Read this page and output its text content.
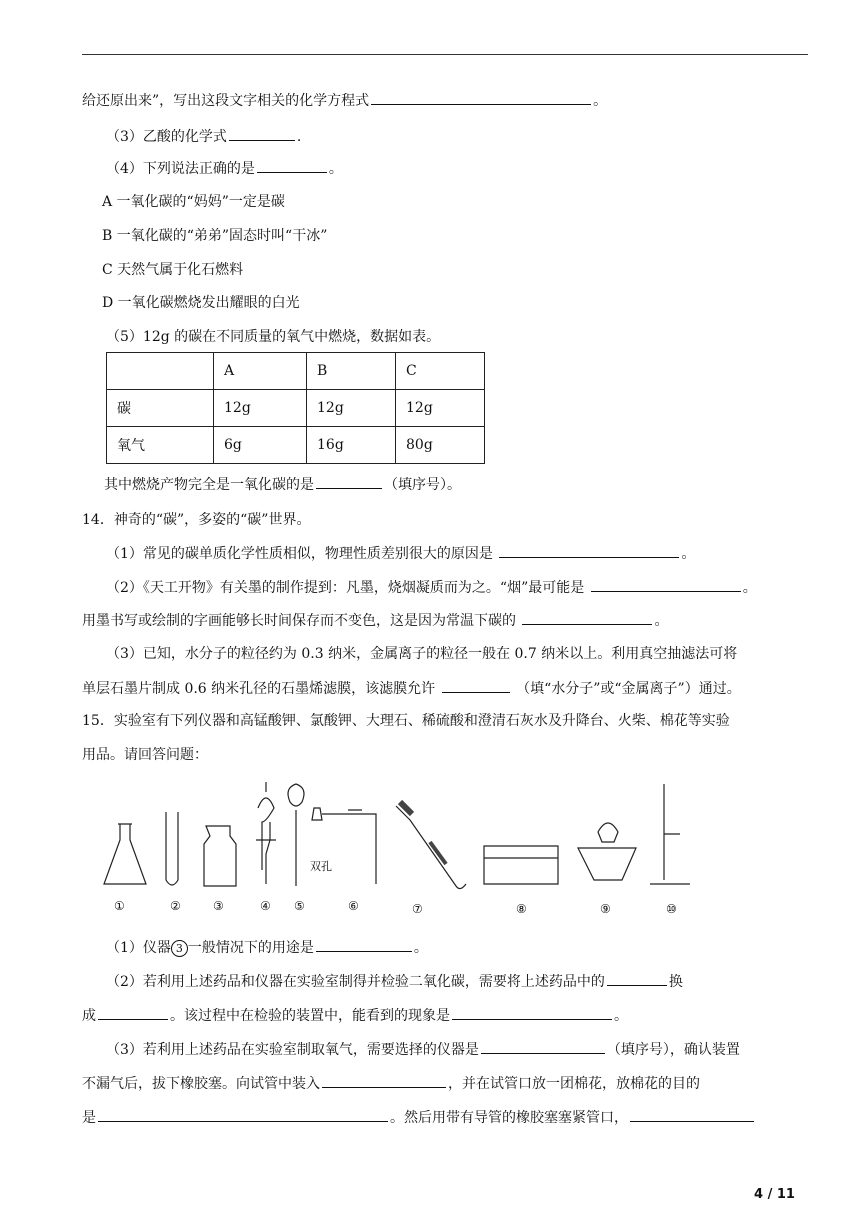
给还原出来”，写出这段文字相关的化学方程式	。
（3）乙酸的化学式	.
（4）下列说法正确的是	。
A 一氧化碳的“妈妈”一定是碳
B 一氧化碳的“弟弟”固态时叫“干冰”
C 天然气属于化石燃料
D 一氧化碳燃烧发出耀眼的白光
（5）12g 的碳在不同质量的氧气中燃烧，数据如表。
	A	B	C
碳	12g	12g	12g
氧气	6g	16g	80g
其中燃烧产物完全是一氧化碳的是	（填序号）。
14．神奇的“碳”，多姿的“碳”世界。
（1）常见的碳单质化学性质相似，物理性质差别很大的原因是	。
（2）《天工开物》有关墨的制作提到：凡墨，烧烟凝质而为之。“烟”最可能是	。
用墨书写或绘制的字画能够长时间保存而不变色，这是因为常温下碳的	。
（3）已知，水分子的粒径约为 0.3 纳米，金属离子的粒径一般在 0.7 纳米以上。利用真空抽滤法可将
单层石墨片制成 0.6 纳米孔径的石墨烯滤膜，该滤膜允许	（填“水分子”或“金属离子”）通过。
15．实验室有下列仪器和高锰酸钾、氯酸钾、大理石、稀硫酸和澄清石灰水及升降台、火柴、棉花等实验
用品。请回答问题：
双孔
①	②	③	④ ⑤	⑥	⑦	⑧	⑨	⑩
（1）仪器 3 一般情况下的用途是	。
（2）若利用上述药品和仪器在实验室制得并检验二氧化碳，需要将上述药品中的	换
成	。该过程中在检验的装置中，能看到的现象是	。
（3）若利用上述药品在实验室制取氧气，需要选择的仪器是	（填序号），确认装置
不漏气后，拔下橡胶塞。向试管中装入	，并在试管口放一团棉花，放棉花的目的
是	。然后用带有导管的橡胶塞塞紧管口，
4 / 11
